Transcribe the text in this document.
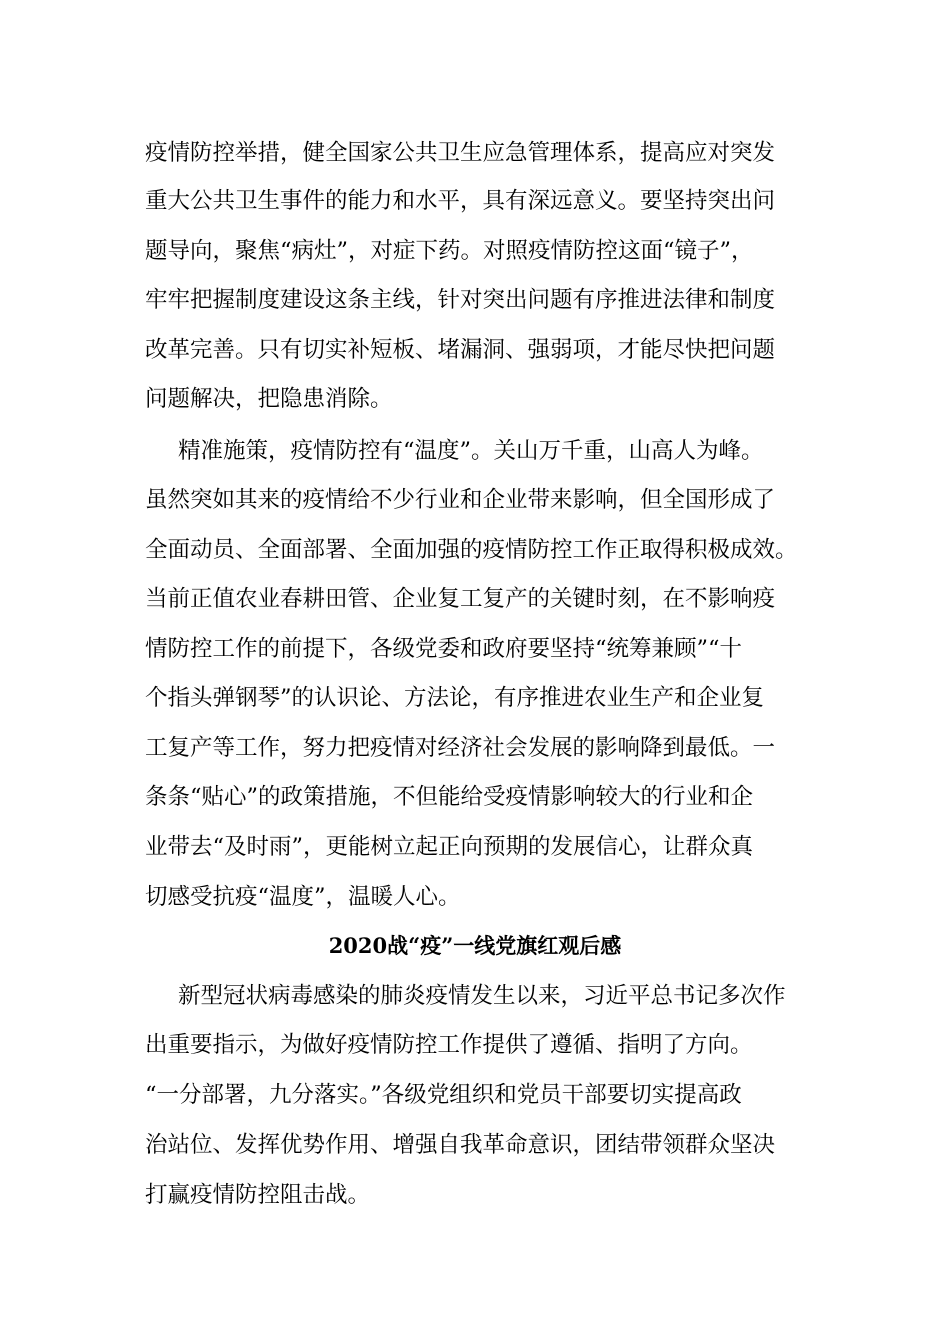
疫情防控举措，健全国家公共卫生应急管理体系，提高应对突发
重大公共卫生事件的能力和水平，具有深远意义。要坚持突出问
题导向，聚焦“病灶”，对症下药。对照疫情防控这面“镜子”，
牢牢把握制度建设这条主线，针对突出问题有序推进法律和制度
改革完善。只有切实补短板、堵漏洞、强弱项，才能尽快把问题
问题解决，把隐患消除。
精准施策，疫情防控有“温度”。关山万千重，山高人为峰。
虽然突如其来的疫情给不少行业和企业带来影响，但全国形成了
全面动员、全面部署、全面加强的疫情防控工作正取得积极成效。
当前正值农业春耕田管、企业复工复产的关键时刻，在不影响疫
情防控工作的前提下，各级党委和政府要坚持“统筹兼顾”“十
个指头弹钢琴”的认识论、方法论，有序推进农业生产和企业复
工复产等工作，努力把疫情对经济社会发展的影响降到最低。一
条条“贴心”的政策措施，不但能给受疫情影响较大的行业和企
业带去“及时雨”，更能树立起正向预期的发展信心，让群众真
切感受抗疫“温度”，温暖人心。
2020战“疫”一线党旗红观后感
新型冠状病毒感染的肺炎疫情发生以来，习近平总书记多次作
出重要指示，为做好疫情防控工作提供了遵循、指明了方向。
“一分部署，九分落实。”各级党组织和党员干部要切实提高政
治站位、发挥优势作用、增强自我革命意识，团结带领群众坚决
打赢疫情防控阻击战。
